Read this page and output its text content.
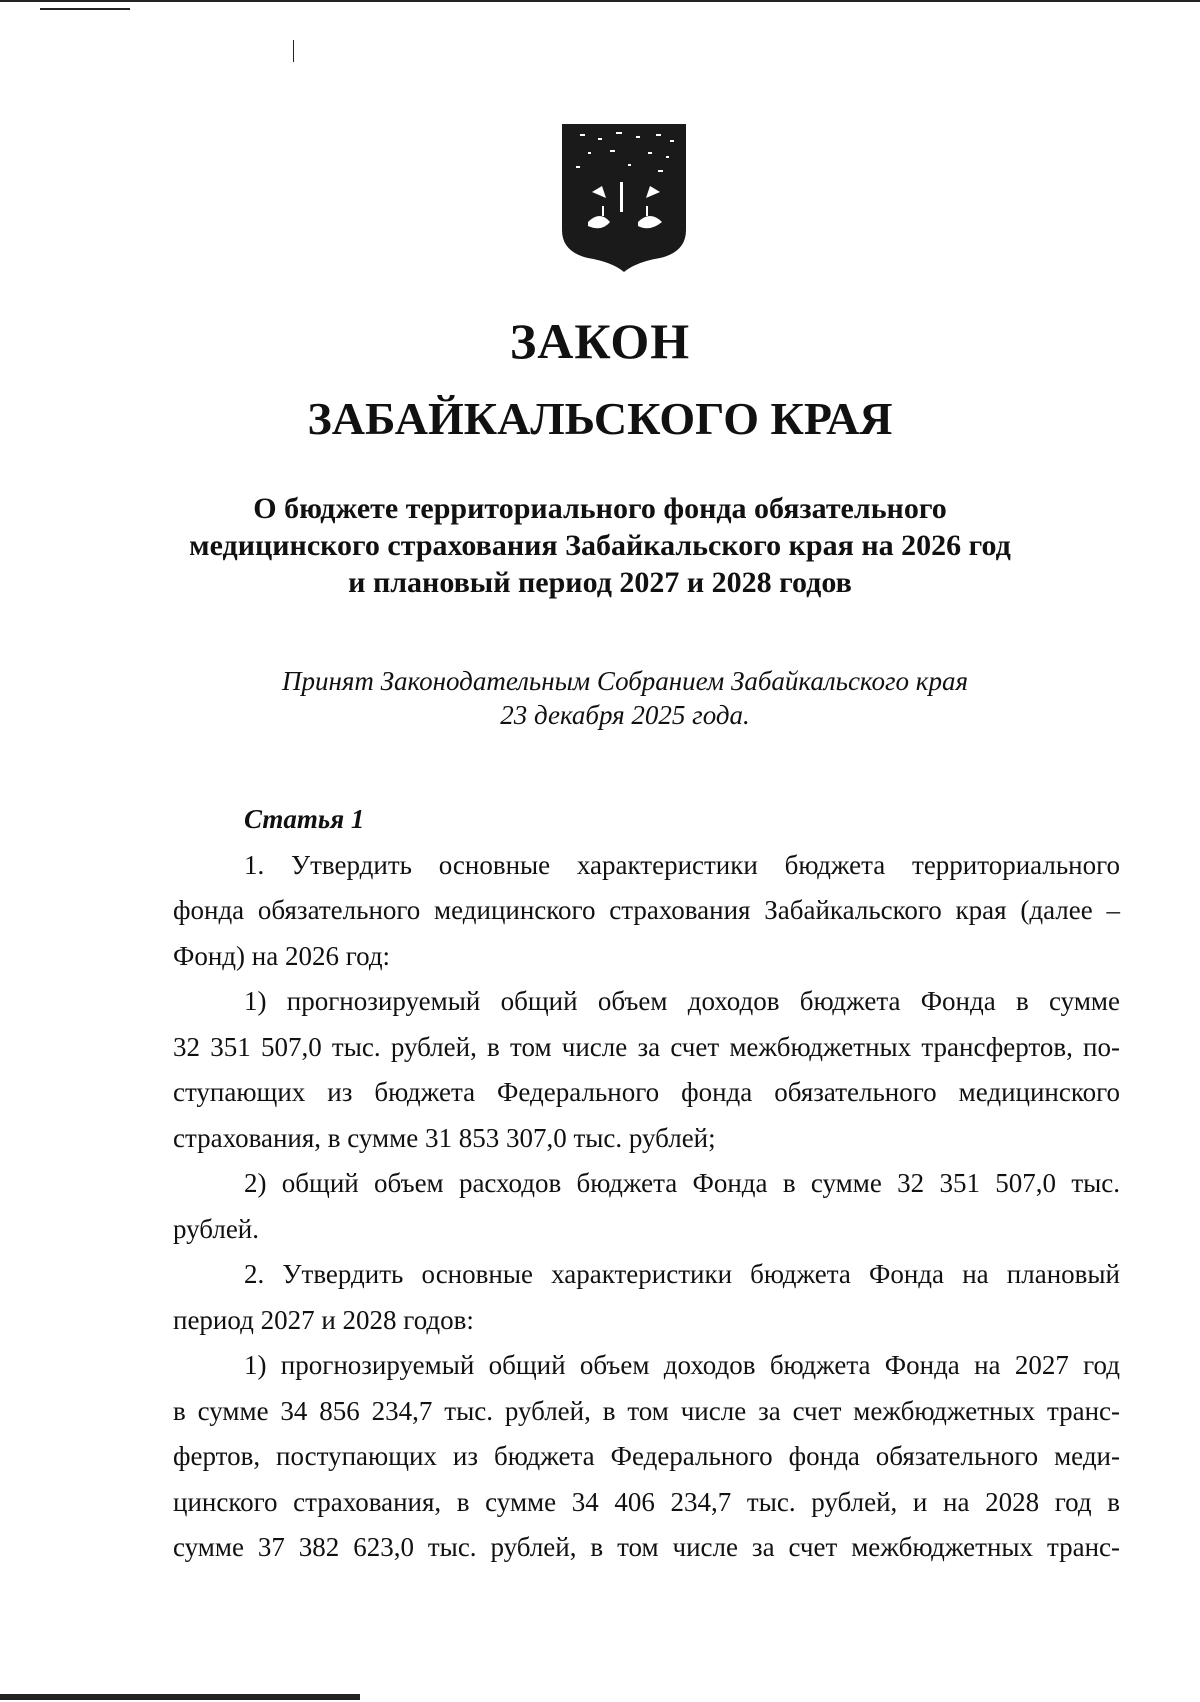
ЗАКОН
ЗАБАЙКАЛЬСКОГО КРАЯ
О бюджете территориального фонда обязательного
медицинского страхования Забайкальского края на 2026 год
и плановый период 2027 и 2028 годов
Принят Законодательным Собранием Забайкальского края
23 декабря 2025 года.
Статья 1
1. Утвердить основные характеристики бюджета территориального
фонда обязательного медицинского страхования Забайкальского края (далее –
Фонд) на 2026 год:
1) прогнозируемый общий объем доходов бюджета Фонда в сумме
32 351 507,0 тыс. рублей, в том числе за счет межбюджетных трансфертов, по-
ступающих из бюджета Федерального фонда обязательного медицинского
страхования, в сумме 31 853 307,0 тыс. рублей;
2) общий объем расходов бюджета Фонда в сумме 32 351 507,0 тыс.
рублей.
2. Утвердить основные характеристики бюджета Фонда на плановый
период 2027 и 2028 годов:
1) прогнозируемый общий объем доходов бюджета Фонда на 2027 год
в сумме 34 856 234,7 тыс. рублей, в том числе за счет межбюджетных транс-
фертов, поступающих из бюджета Федерального фонда обязательного меди-
цинского страхования, в сумме 34 406 234,7 тыс. рублей, и на 2028 год в
сумме 37 382 623,0 тыс. рублей, в том числе за счет межбюджетных транс-
